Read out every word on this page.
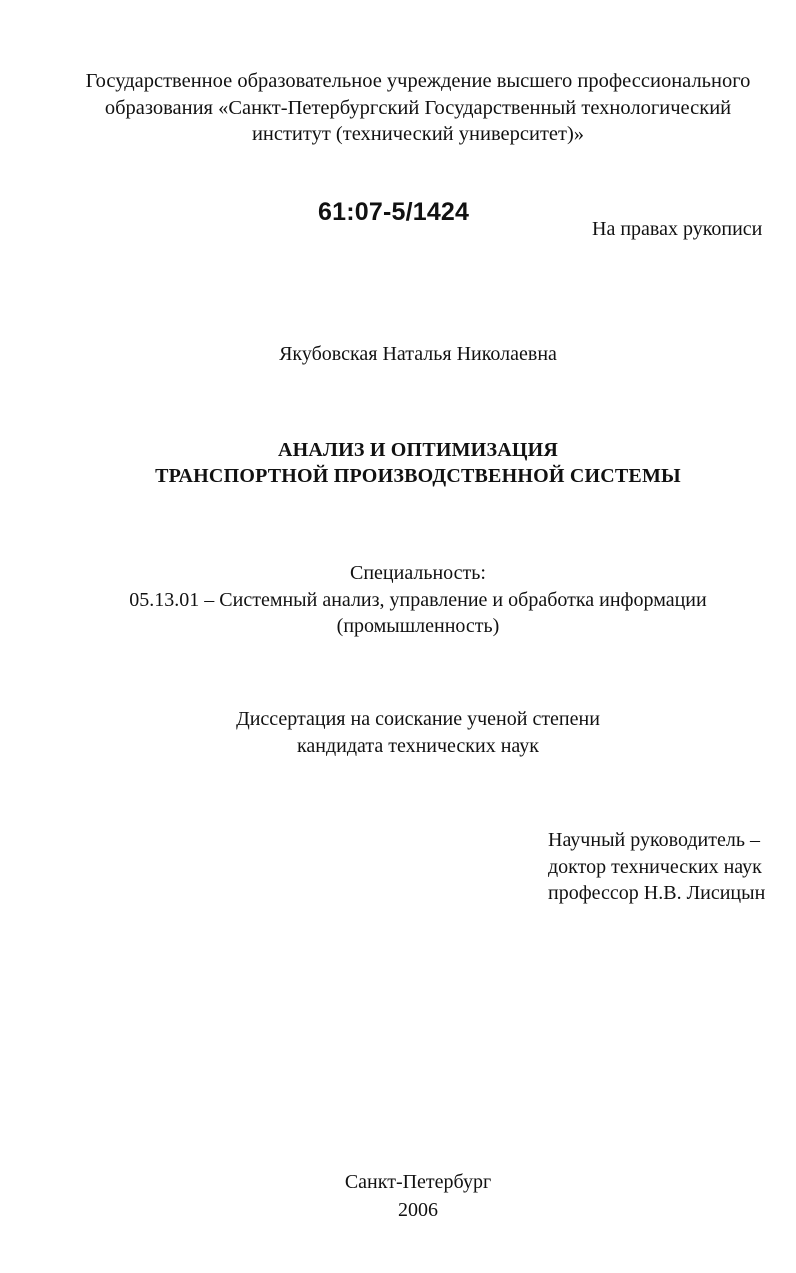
Государственное образовательное учреждение высшего профессионального
образования «Санкт-Петербургский Государственный технологический
институт (технический университет)»
61:07-5/1424
На правах рукописи
Якубовская Наталья Николаевна
АНАЛИЗ И ОПТИМИЗАЦИЯ
ТРАНСПОРТНОЙ ПРОИЗВОДСТВЕННОЙ СИСТЕМЫ
Специальность:
05.13.01 – Системный анализ, управление и обработка информации
(промышленность)
Диссертация на соискание ученой степени
кандидата технических наук
Научный руководитель –
доктор технических наук
профессор Н.В. Лисицын
Санкт-Петербург
2006
